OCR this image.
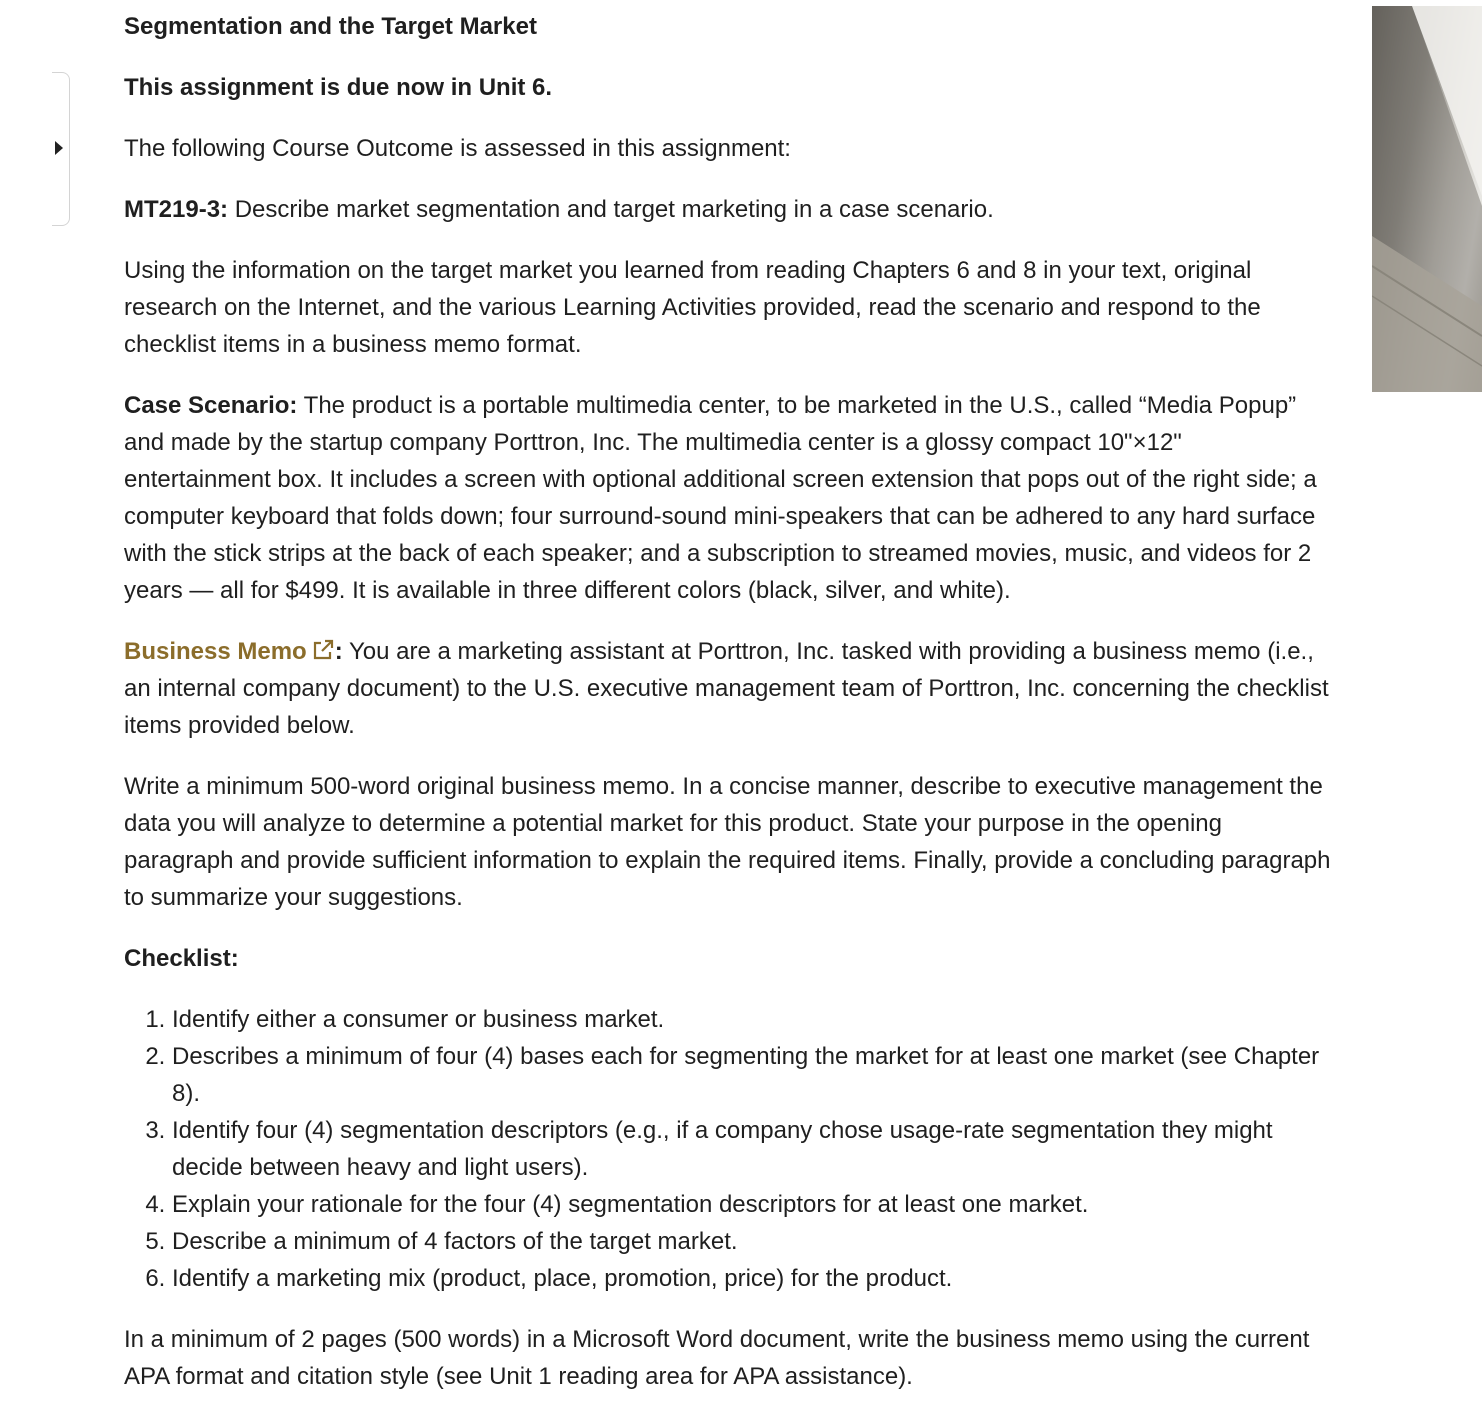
Segmentation and the Target Market

This assignment is due now in Unit 6.

The following Course Outcome is assessed in this assignment:

MT219-3: Describe market segmentation and target marketing in a case scenario.

Using the information on the target market you learned from reading Chapters 6 and 8 in your text, original research on the Internet, and the various Learning Activities provided, read the scenario and respond to the checklist items in a business memo format.

Case Scenario: The product is a portable multimedia center, to be marketed in the U.S., called “Media Popup” and made by the startup company Porttron, Inc. The multimedia center is a glossy compact 10"×12" entertainment box. It includes a screen with optional additional screen extension that pops out of the right side; a computer keyboard that folds down; four surround-sound mini-speakers that can be adhered to any hard surface with the stick strips at the back of each speaker; and a subscription to streamed movies, music, and videos for 2 years — all for $499. It is available in three different colors (black, silver, and white).

Business Memo : You are a marketing assistant at Porttron, Inc. tasked with providing a business memo (i.e., an internal company document) to the U.S. executive management team of Porttron, Inc. concerning the checklist items provided below.

Write a minimum 500-word original business memo. In a concise manner, describe to executive management the data you will analyze to determine a potential market for this product. State your purpose in the opening paragraph and provide sufficient information to explain the required items. Finally, provide a concluding paragraph to summarize your suggestions.

Checklist:

1. Identify either a consumer or business market.
2. Describes a minimum of four (4) bases each for segmenting the market for at least one market (see Chapter 8).
3. Identify four (4) segmentation descriptors (e.g., if a company chose usage-rate segmentation they might decide between heavy and light users).
4. Explain your rationale for the four (4) segmentation descriptors for at least one market.
5. Describe a minimum of 4 factors of the target market.
6. Identify a marketing mix (product, place, promotion, price) for the product.

In a minimum of 2 pages (500 words) in a Microsoft Word document, write the business memo using the current APA format and citation style (see Unit 1 reading area for APA assistance).
